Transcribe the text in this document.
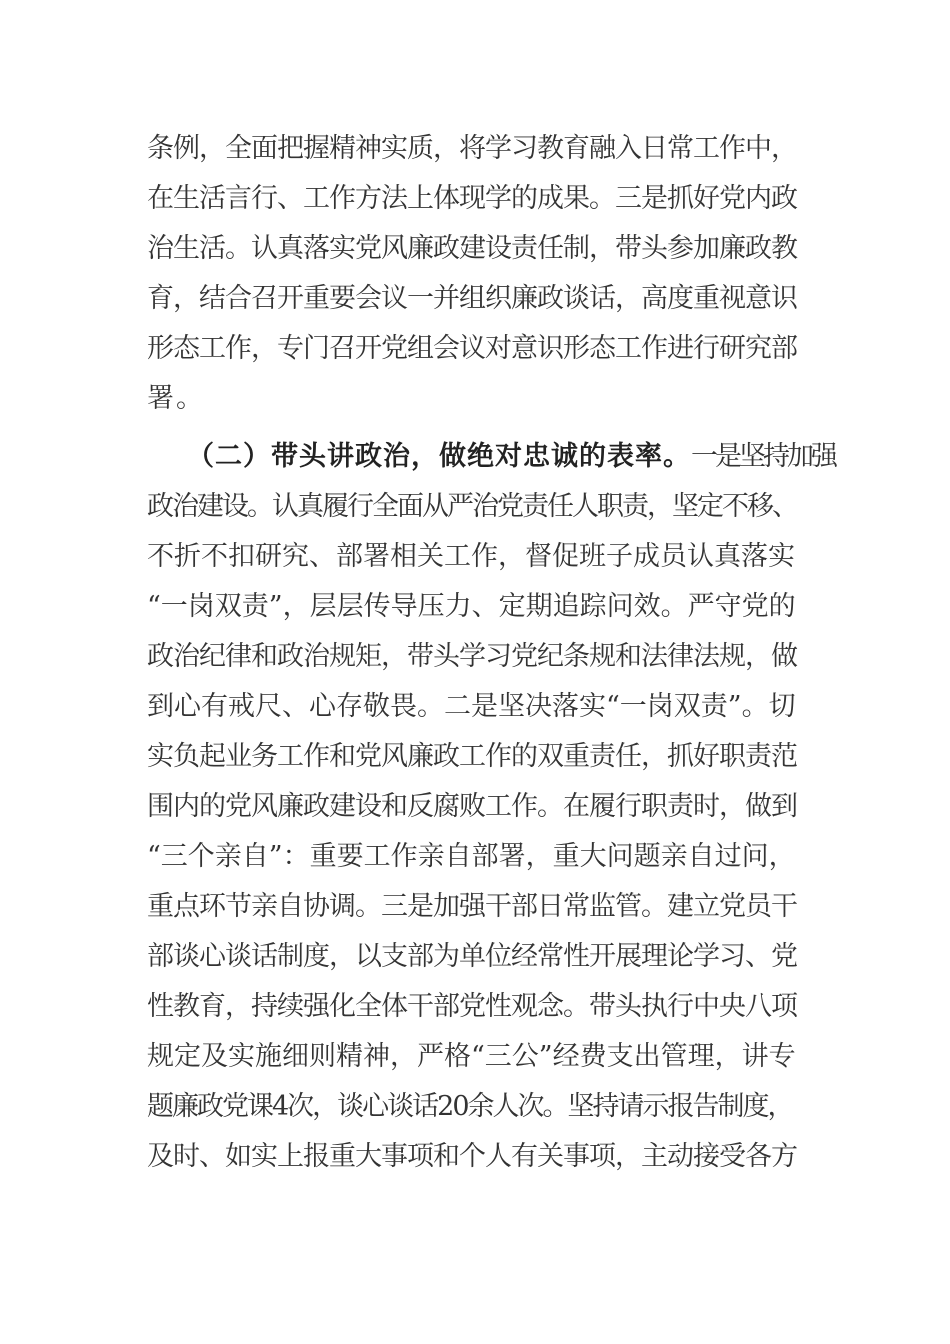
条例，全面把握精神实质，将学习教育融入日常工作中，
在生活言行、工作方法上体现学的成果。三是抓好党内政
治生活。认真落实党风廉政建设责任制，带头参加廉政教
育，结合召开重要会议一并组织廉政谈话，高度重视意识
形态工作，专门召开党组会议对意识形态工作进行研究部
署。
（二）带头讲政治，做绝对忠诚的表率。一是坚持加强
政治建设。认真履行全面从严治党责任人职责，坚定不移、
不折不扣研究、部署相关工作，督促班子成员认真落实
“一岗双责”，层层传导压力、定期追踪问效。严守党的
政治纪律和政治规矩，带头学习党纪条规和法律法规，做
到心有戒尺、心存敬畏。二是坚决落实“一岗双责”。切
实负起业务工作和党风廉政工作的双重责任，抓好职责范
围内的党风廉政建设和反腐败工作。在履行职责时，做到
“三个亲自”：重要工作亲自部署，重大问题亲自过问，
重点环节亲自协调。三是加强干部日常监管。建立党员干
部谈心谈话制度，以支部为单位经常性开展理论学习、党
性教育，持续强化全体干部党性观念。带头执行中央八项
规定及实施细则精神，严格“三公”经费支出管理，讲专
题廉政党课4次，谈心谈话20余人次。坚持请示报告制度，
及时、如实上报重大事项和个人有关事项，主动接受各方
